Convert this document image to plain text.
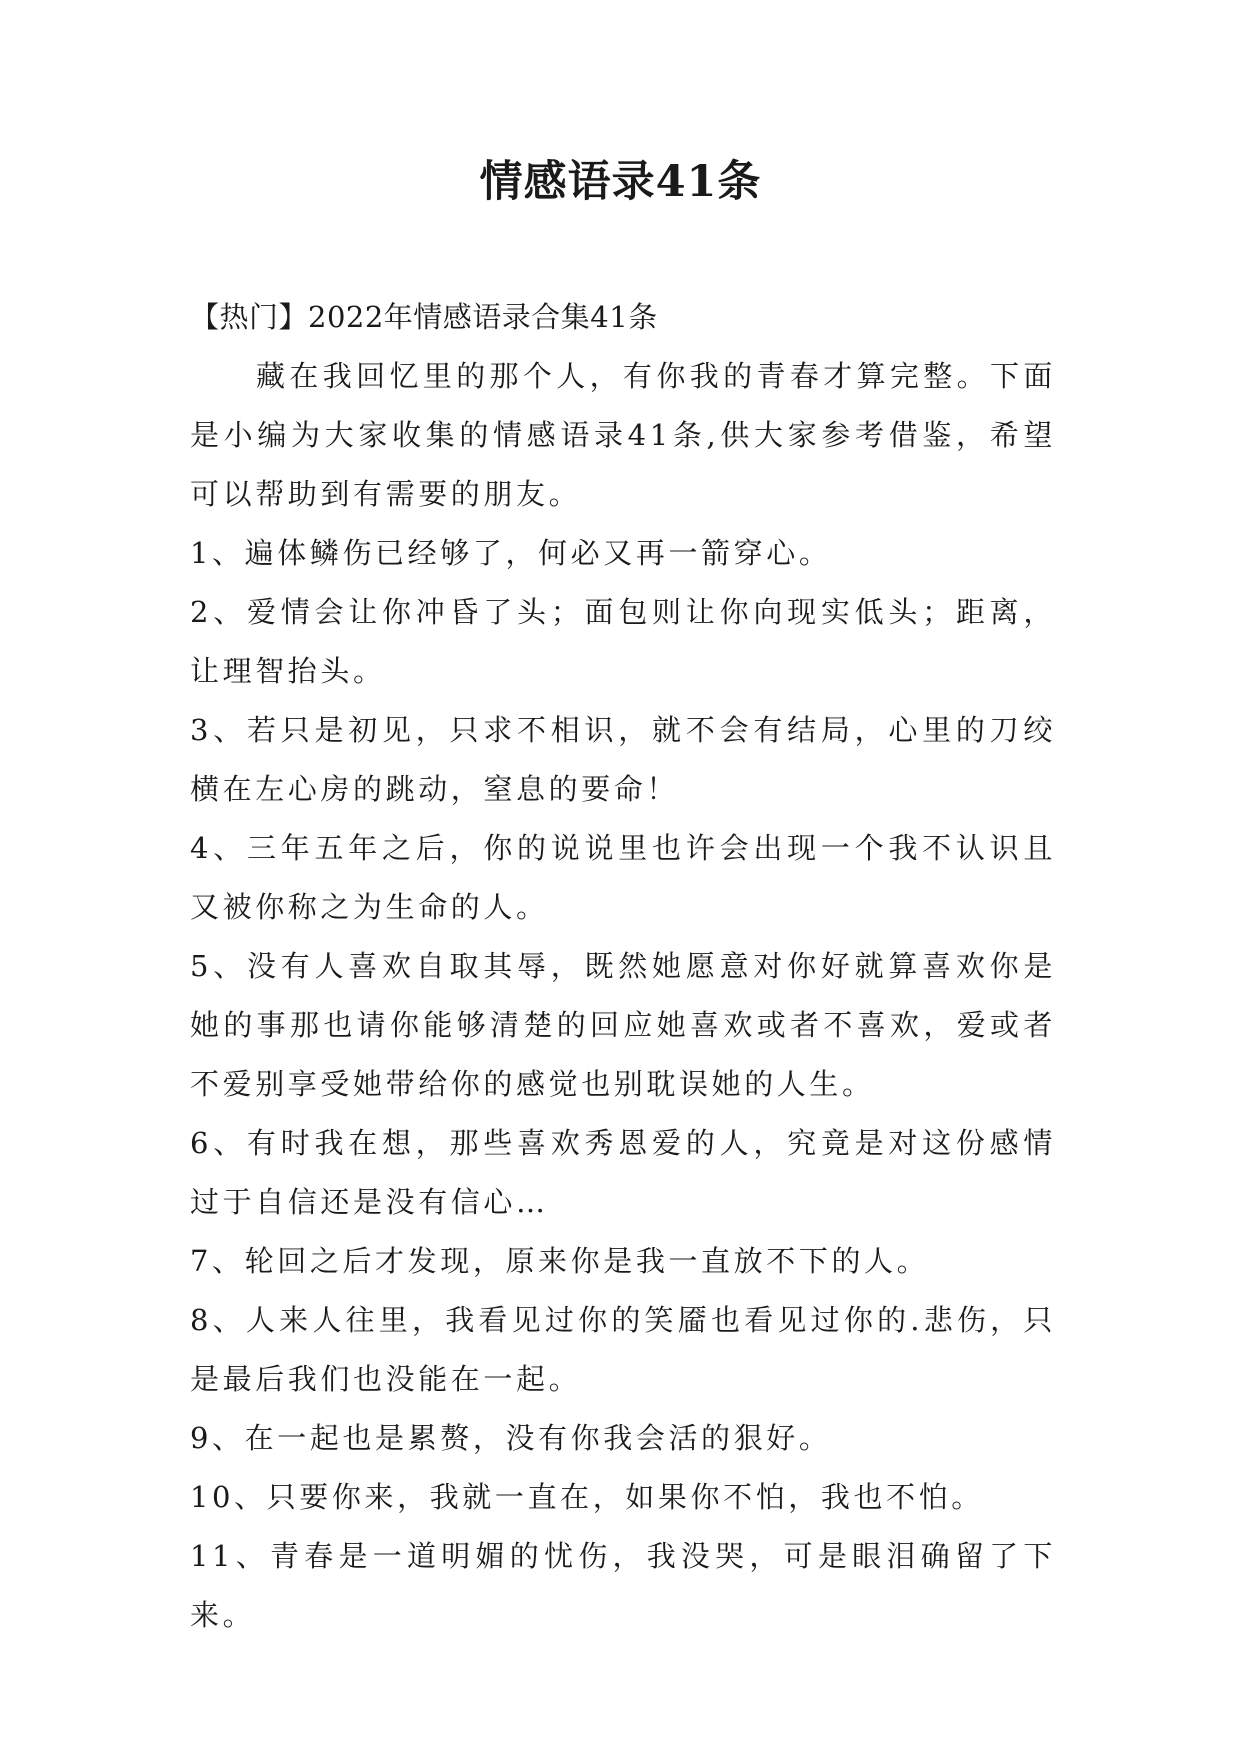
情感语录41条

【热门】2022年情感语录合集41条

藏在我回忆里的那个人，有你我的青春才算完整。下面是小编为大家收集的情感语录41条,供大家参考借鉴，希望可以帮助到有需要的朋友。

1、遍体鳞伤已经够了，何必又再一箭穿心。

2、爱情会让你冲昏了头；面包则让你向现实低头；距离，让理智抬头。

3、若只是初见，只求不相识，就不会有结局，心里的刀绞横在左心房的跳动，窒息的要命！

4、三年五年之后，你的说说里也许会出现一个我不认识且又被你称之为生命的人。

5、没有人喜欢自取其辱，既然她愿意对你好就算喜欢你是她的事那也请你能够清楚的回应她喜欢或者不喜欢，爱或者不爱别享受她带给你的感觉也别耽误她的人生。

6、有时我在想，那些喜欢秀恩爱的人，究竟是对这份感情过于自信还是没有信心…

7、轮回之后才发现，原来你是我一直放不下的人。

8、人来人往里，我看见过你的笑靥也看见过你的.悲伤，只是最后我们也没能在一起。

9、在一起也是累赘，没有你我会活的狠好。

10、只要你来，我就一直在，如果你不怕，我也不怕。

11、青春是一道明媚的忧伤，我没哭，可是眼泪确留了下来。
